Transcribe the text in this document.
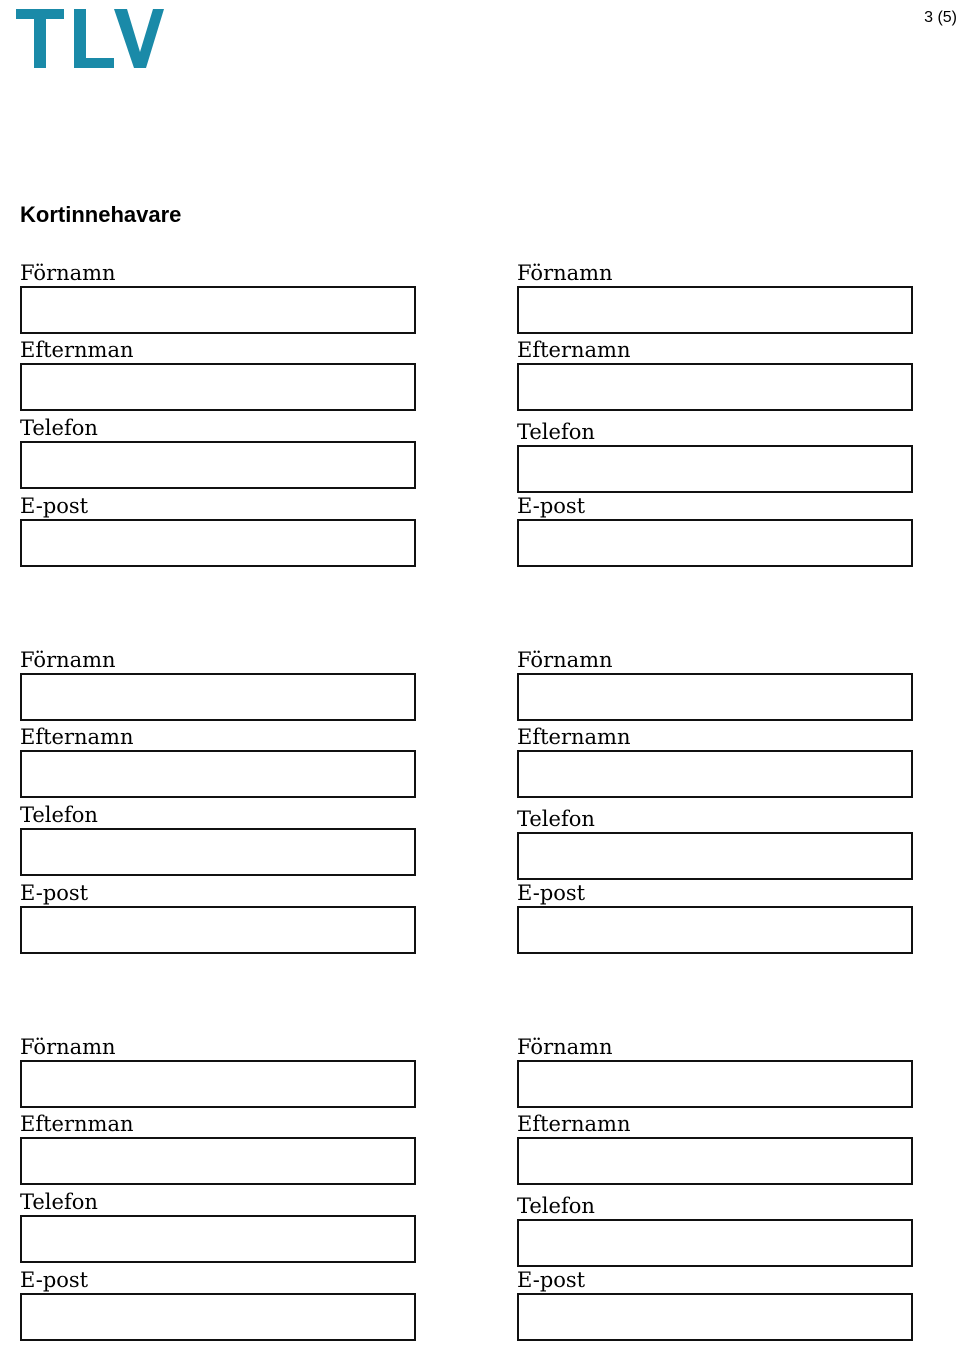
3 (5)
Kortinnehavare
Förnamn
Efternman
Telefon
E-post
Förnamn
Efternamn
Telefon
E-post
Förnamn
Efternamn
Telefon
E-post
Förnamn
Efternamn
Telefon
E-post
Förnamn
Efternman
Telefon
E-post
Förnamn
Efternamn
Telefon
E-post
